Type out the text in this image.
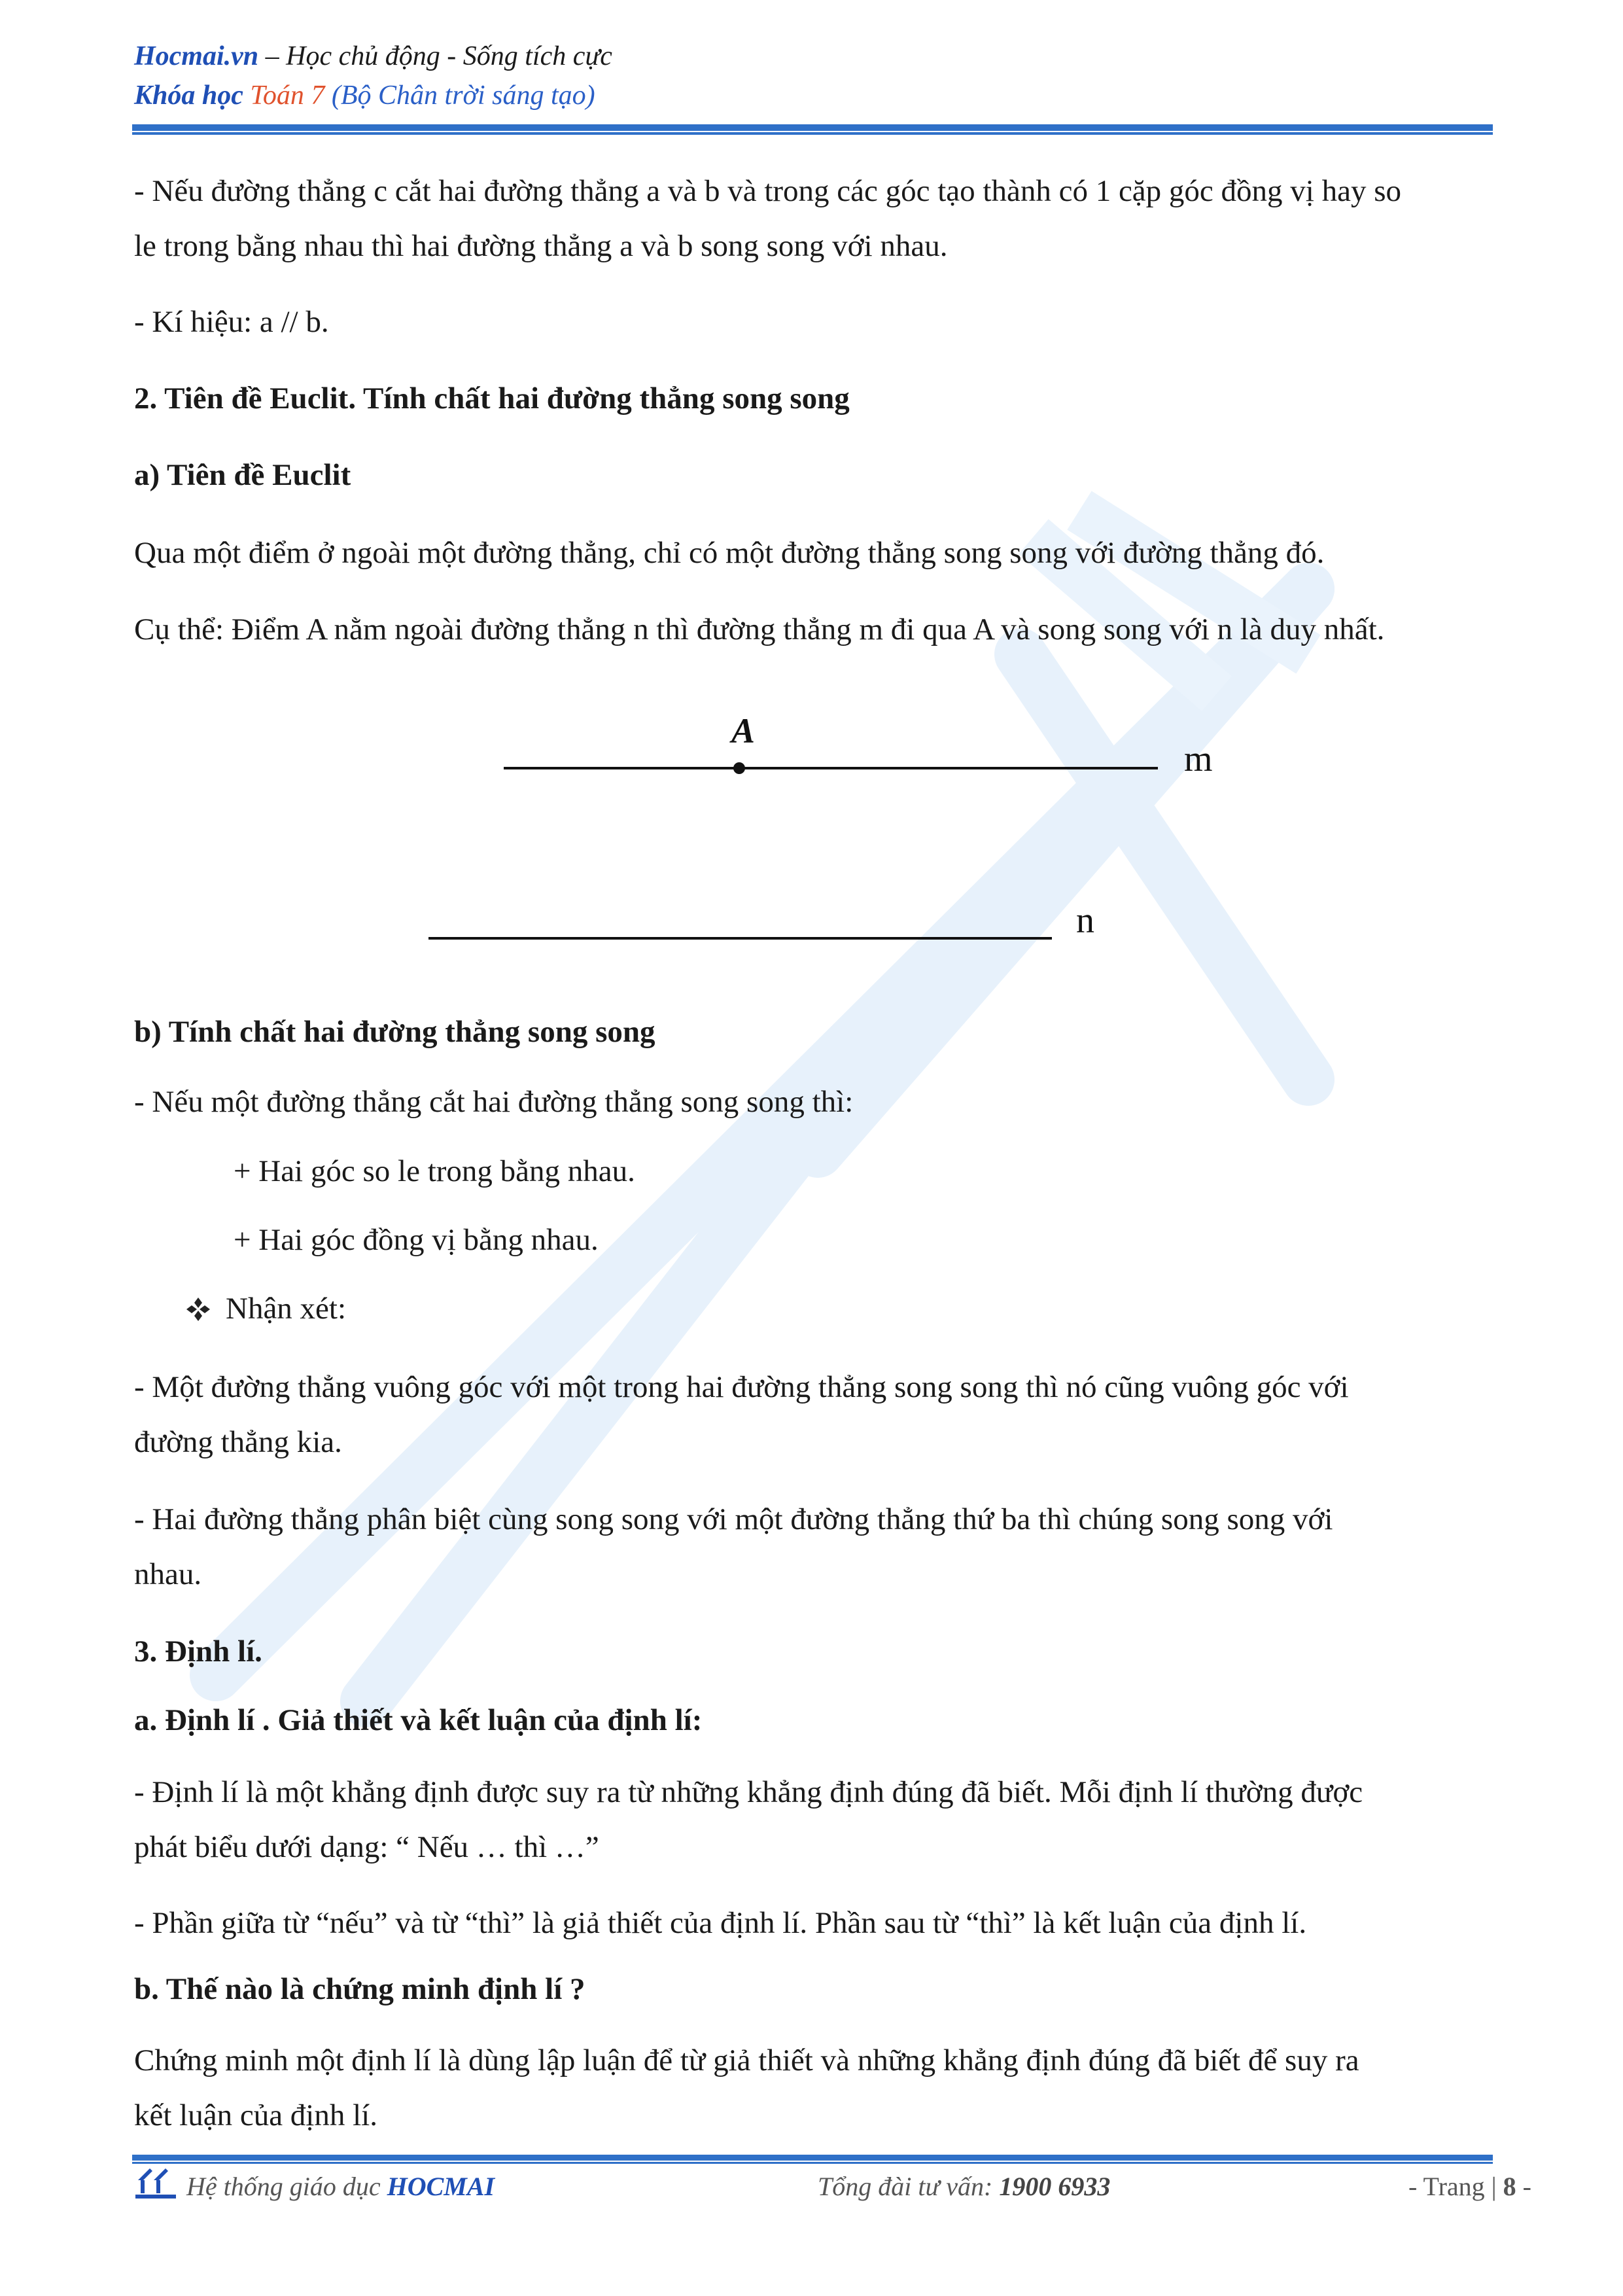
Hocmai.vn – Học chủ động - Sống tích cực
Khóa học Toán 7 (Bộ Chân trời sáng tạo)
- Nếu đường thẳng c cắt hai đường thẳng a và b và trong các góc tạo thành có 1 cặp góc đồng vị hay so
le trong bằng nhau thì hai đường thẳng a và b song song với nhau.
- Kí hiệu: a // b.
2. Tiên đề Euclit. Tính chất hai đường thẳng song song
a) Tiên đề Euclit
Qua một điểm ở ngoài một đường thẳng, chỉ có một đường thẳng song song với đường thẳng đó.
Cụ thể: Điểm A nằm ngoài đường thẳng n thì đường thẳng m đi qua A và song song với n là duy nhất.
b) Tính chất hai đường thẳng song song
- Nếu một đường thẳng cắt hai đường thẳng song song thì:
+ Hai góc so le trong bằng nhau.
+ Hai góc đồng vị bằng nhau.
Nhận xét:
- Một đường thẳng vuông góc với một trong hai đường thẳng song song thì nó cũng vuông góc với
đường thẳng kia.
- Hai đường thẳng phân biệt cùng song song với một đường thẳng thứ ba thì chúng song song với
nhau.
3. Định lí.
a. Định lí . Giả thiết và kết luận của định lí:
- Định lí là một khẳng định được suy ra từ những khẳng định đúng đã biết. Mỗi định lí thường được
phát biểu dưới dạng: “ Nếu … thì …”
- Phần giữa từ “nếu” và từ “thì” là giả thiết của định lí. Phần sau từ “thì” là kết luận của định lí.
b. Thế nào là chứng minh định lí ?
Chứng minh một định lí là dùng lập luận để từ giả thiết và những khẳng định đúng đã biết để suy ra
kết luận của định lí.
A
m
n
Hệ thống giáo dục HOCMAI	Tổng đài tư vấn: 1900 6933	- Trang | 8 -
